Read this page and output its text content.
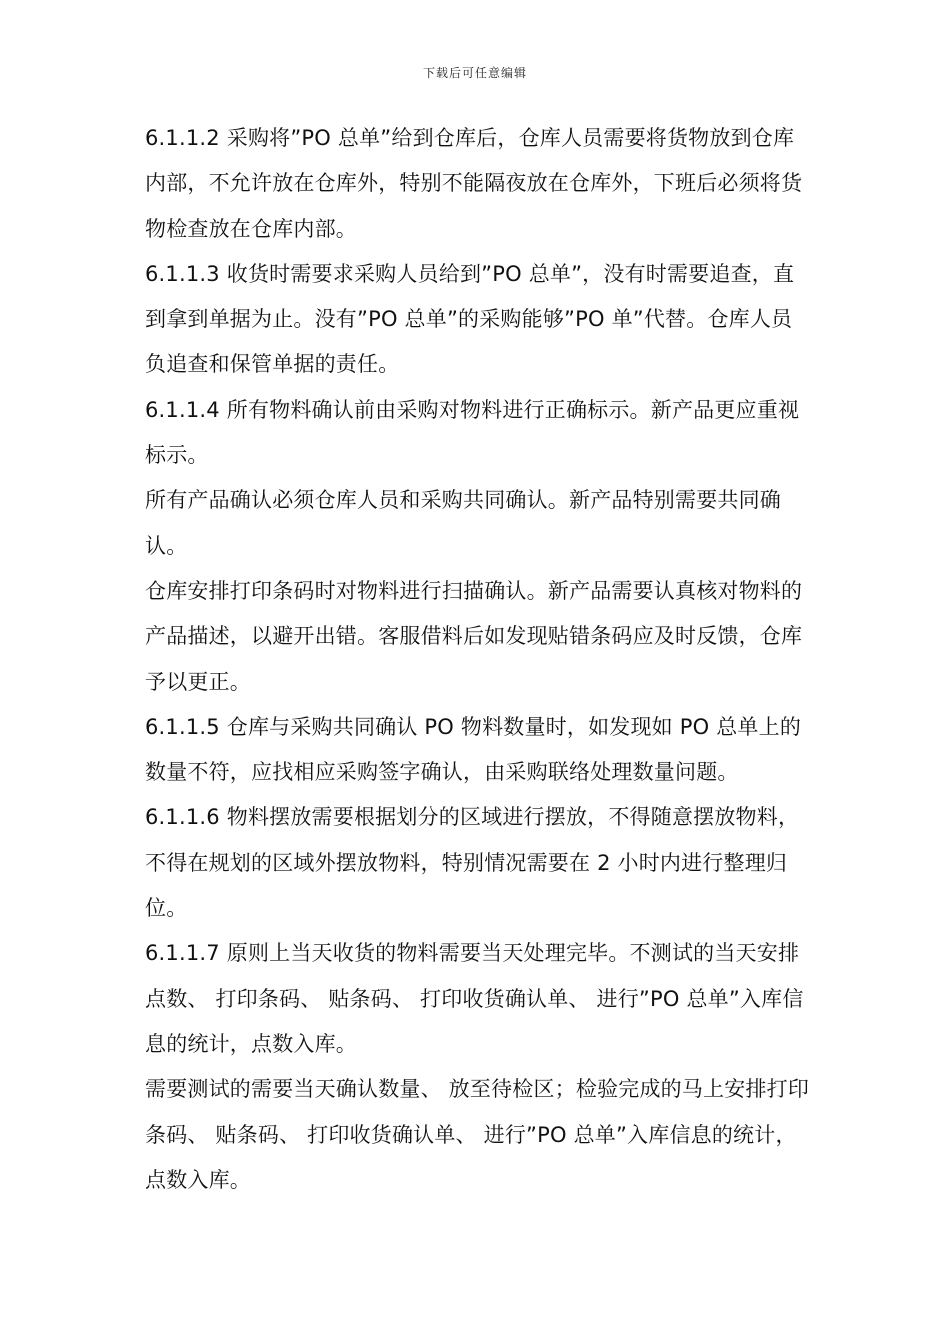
下载后可任意编辑

6.1.1.2 采购将”PO 总单”给到仓库后，仓库人员需要将货物放到仓库内部，不允许放在仓库外，特别不能隔夜放在仓库外，下班后必须将货物检查放在仓库内部。

6.1.1.3 收货时需要求采购人员给到”PO 总单”，没有时需要追查，直到拿到单据为止。没有”PO 总单”的采购能够”PO 单”代替。仓库人员负追查和保管单据的责任。

6.1.1.4 所有物料确认前由采购对物料进行正确标示。新产品更应重视标示。

所有产品确认必须仓库人员和采购共同确认。新产品特别需要共同确认。

仓库安排打印条码时对物料进行扫描确认。新产品需要认真核对物料的产品描述，以避开出错。客服借料后如发现贴错条码应及时反馈，仓库予以更正。

6.1.1.5 仓库与采购共同确认 PO 物料数量时，如发现如 PO 总单上的数量不符，应找相应采购签字确认，由采购联络处理数量问题。

6.1.1.6 物料摆放需要根据划分的区域进行摆放，不得随意摆放物料，不得在规划的区域外摆放物料，特别情况需要在 2 小时内进行整理归位。

6.1.1.7 原则上当天收货的物料需要当天处理完毕。不测试的当天安排点数、 打印条码、 贴条码、 打印收货确认单、 进行”PO 总单”入库信息的统计，点数入库。

需要测试的需要当天确认数量、 放至待检区；检验完成的马上安排打印条码、 贴条码、 打印收货确认单、 进行”PO 总单”入库信息的统计，点数入库。
